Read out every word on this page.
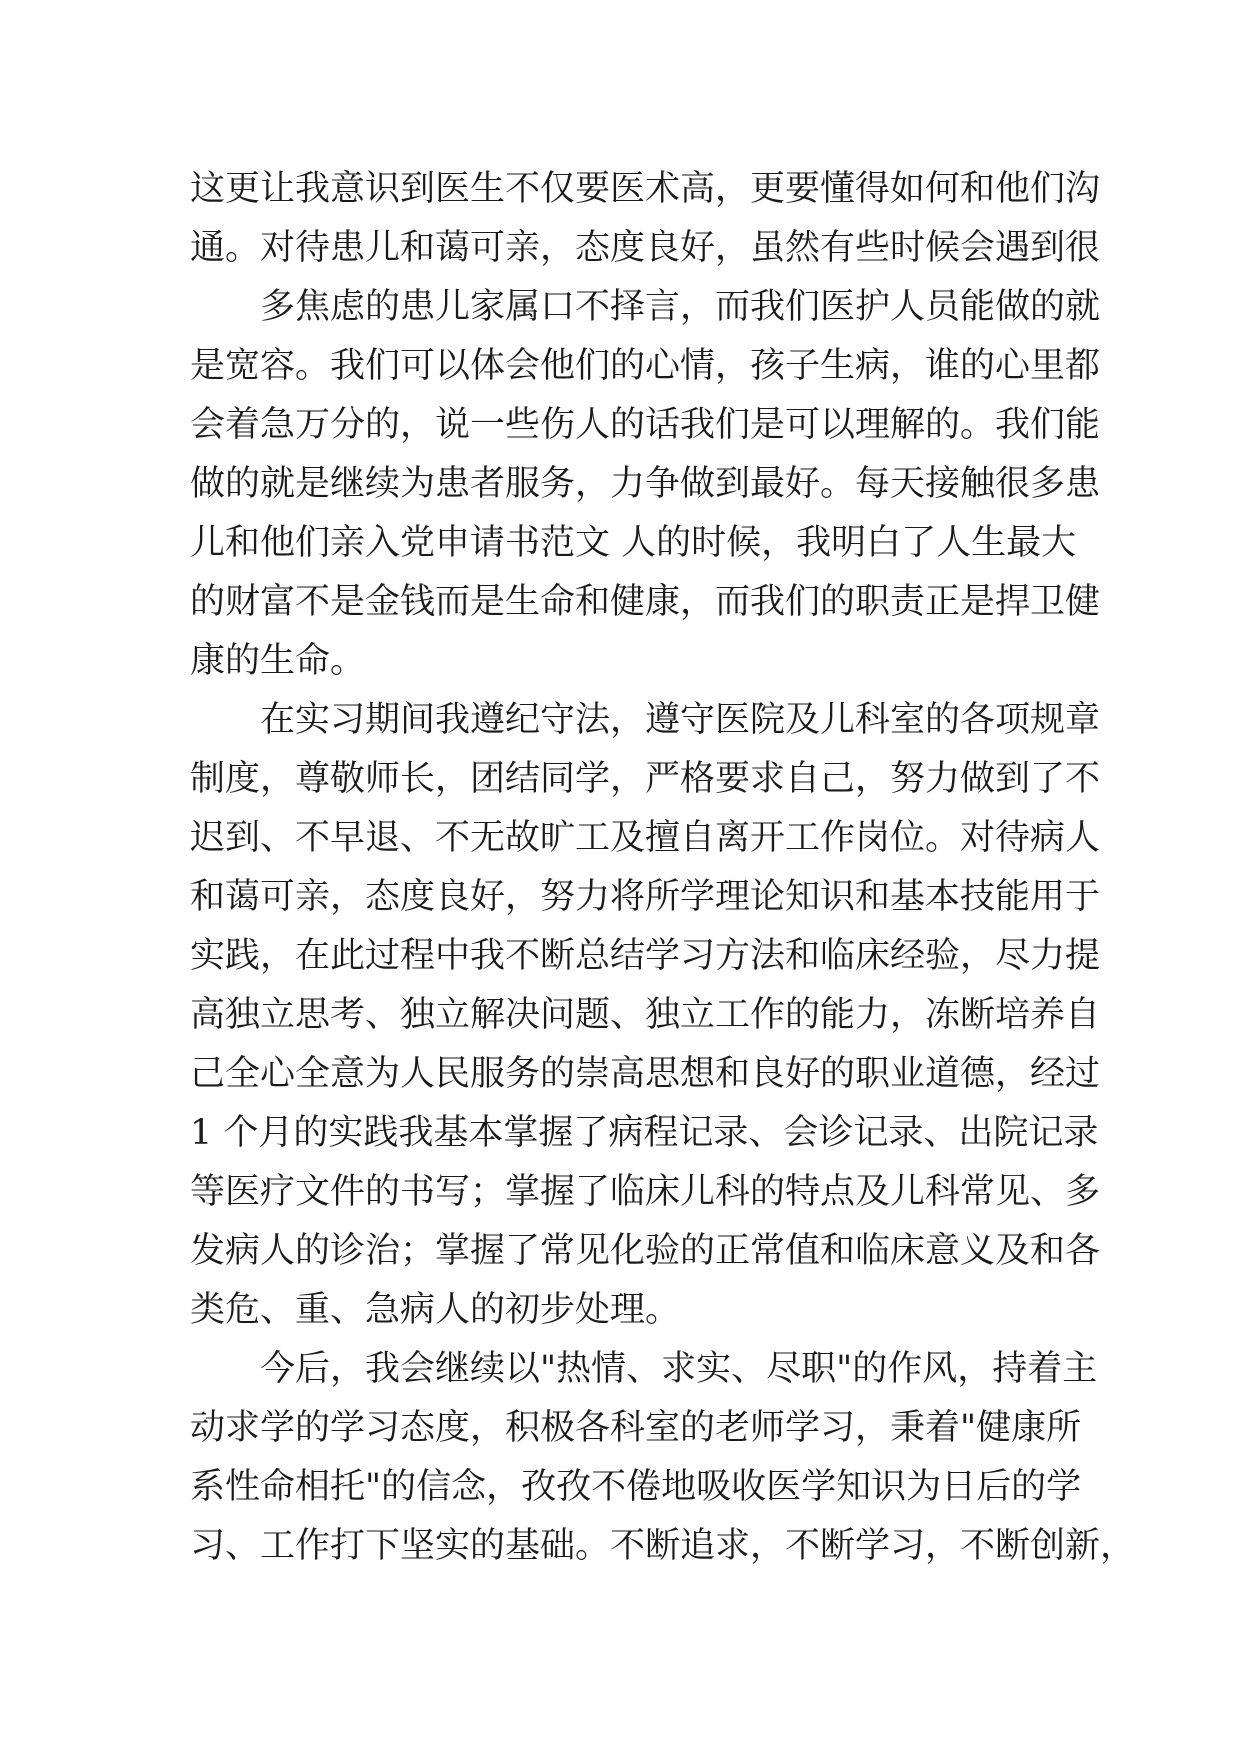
这更让我意识到医生不仅要医术高，更要懂得如何和他们沟
通。对待患儿和蔼可亲，态度良好，虽然有些时候会遇到很
多焦虑的患儿家属口不择言，而我们医护人员能做的就
是宽容。我们可以体会他们的心情，孩子生病，谁的心里都
会着急万分的，说一些伤人的话我们是可以理解的。我们能
做的就是继续为患者服务，力争做到最好。每天接触很多患
儿和他们亲入党申请书范文 人的时候，我明白了人生最大
的财富不是金钱而是生命和健康，而我们的职责正是捍卫健
康的生命。
在实习期间我遵纪守法，遵守医院及儿科室的各项规章
制度，尊敬师长，团结同学，严格要求自己，努力做到了不
迟到、不早退、不无故旷工及擅自离开工作岗位。对待病人
和蔼可亲，态度良好，努力将所学理论知识和基本技能用于
实践，在此过程中我不断总结学习方法和临床经验，尽力提
高独立思考、独立解决问题、独立工作的能力，冻断培养自
己全心全意为人民服务的崇高思想和良好的职业道德，经过
1 个月的实践我基本掌握了病程记录、会诊记录、出院记录
等医疗文件的书写；掌握了临床儿科的特点及儿科常见、多
发病人的诊治；掌握了常见化验的正常值和临床意义及和各
类危、重、急病人的初步处理。
今后，我会继续以"热情、求实、尽职"的作风，持着主
动求学的学习态度，积极各科室的老师学习，秉着"健康所
系性命相托"的信念，孜孜不倦地吸收医学知识为日后的学
习、工作打下坚实的基础。不断追求，不断学习，不断创新，
